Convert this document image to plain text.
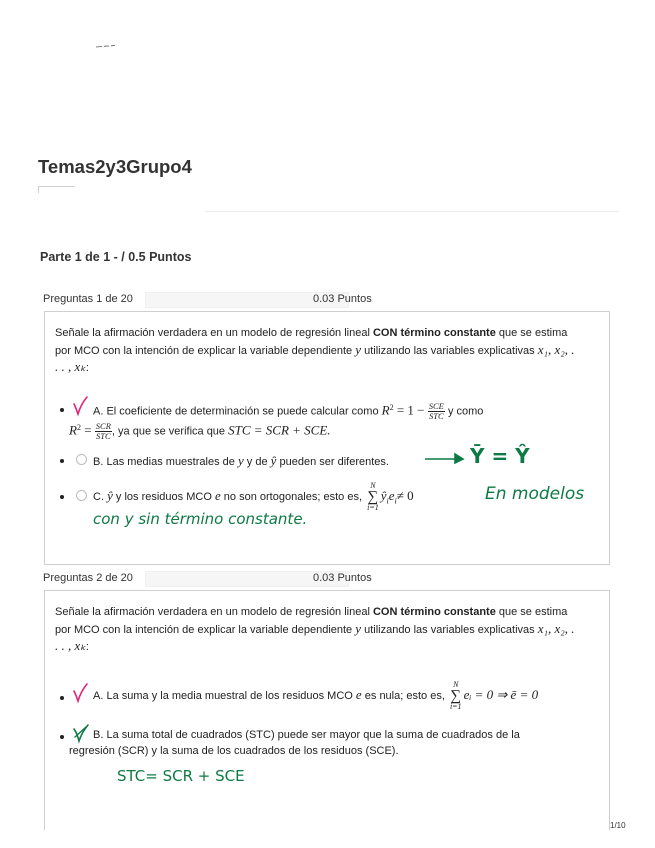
Temas2y3Grupo4
Parte 1 de 1 - / 0.5 Puntos
Preguntas 1 de 20	0.03 Puntos

Señale la afirmación verdadera en un modelo de regresión lineal CON término constante que se estima por MCO con la intención de explicar la variable dependiente y utilizando las variables explicativas x₁, x₂, . . . , xₖ:

A. El coeficiente de determinación se puede calcular como $R^2 = 1 - \frac{\text{SCE}}{\text{STC}}$ y como
$R^2 = \frac{\text{SCR}}{\text{STC}}$ , ya que se verifica que STC = SCR + SCE.
B. Las medias muestrales de y y de ŷ pueden ser diferentes.	Ȳ = Ŷ
C. ŷ y los residuos MCO e no son ortogonales; esto es,
N
∑
i=1
$ŷ_ie_i\ne 0$	En modelos
con y sin término constante.
Preguntas 2 de 20	0.03 Puntos

Señale la afirmación verdadera en un modelo de regresión lineal CON término constante que se estima por MCO con la intención de explicar la variable dependiente y utilizando las variables explicativas x₁, x₂, . . . , xₖ:

A. La suma y la media muestral de los residuos MCO e es nula; esto es,
N
∑
i=1
eᵢ = 0 ⇒ ē = 0
B. La suma total de cuadrados (STC) puede ser mayor que la suma de cuadrados de la
regresión (SCR) y la suma de los cuadrados de los residuos (SCE).
STC= SCR + SCE
1/10
